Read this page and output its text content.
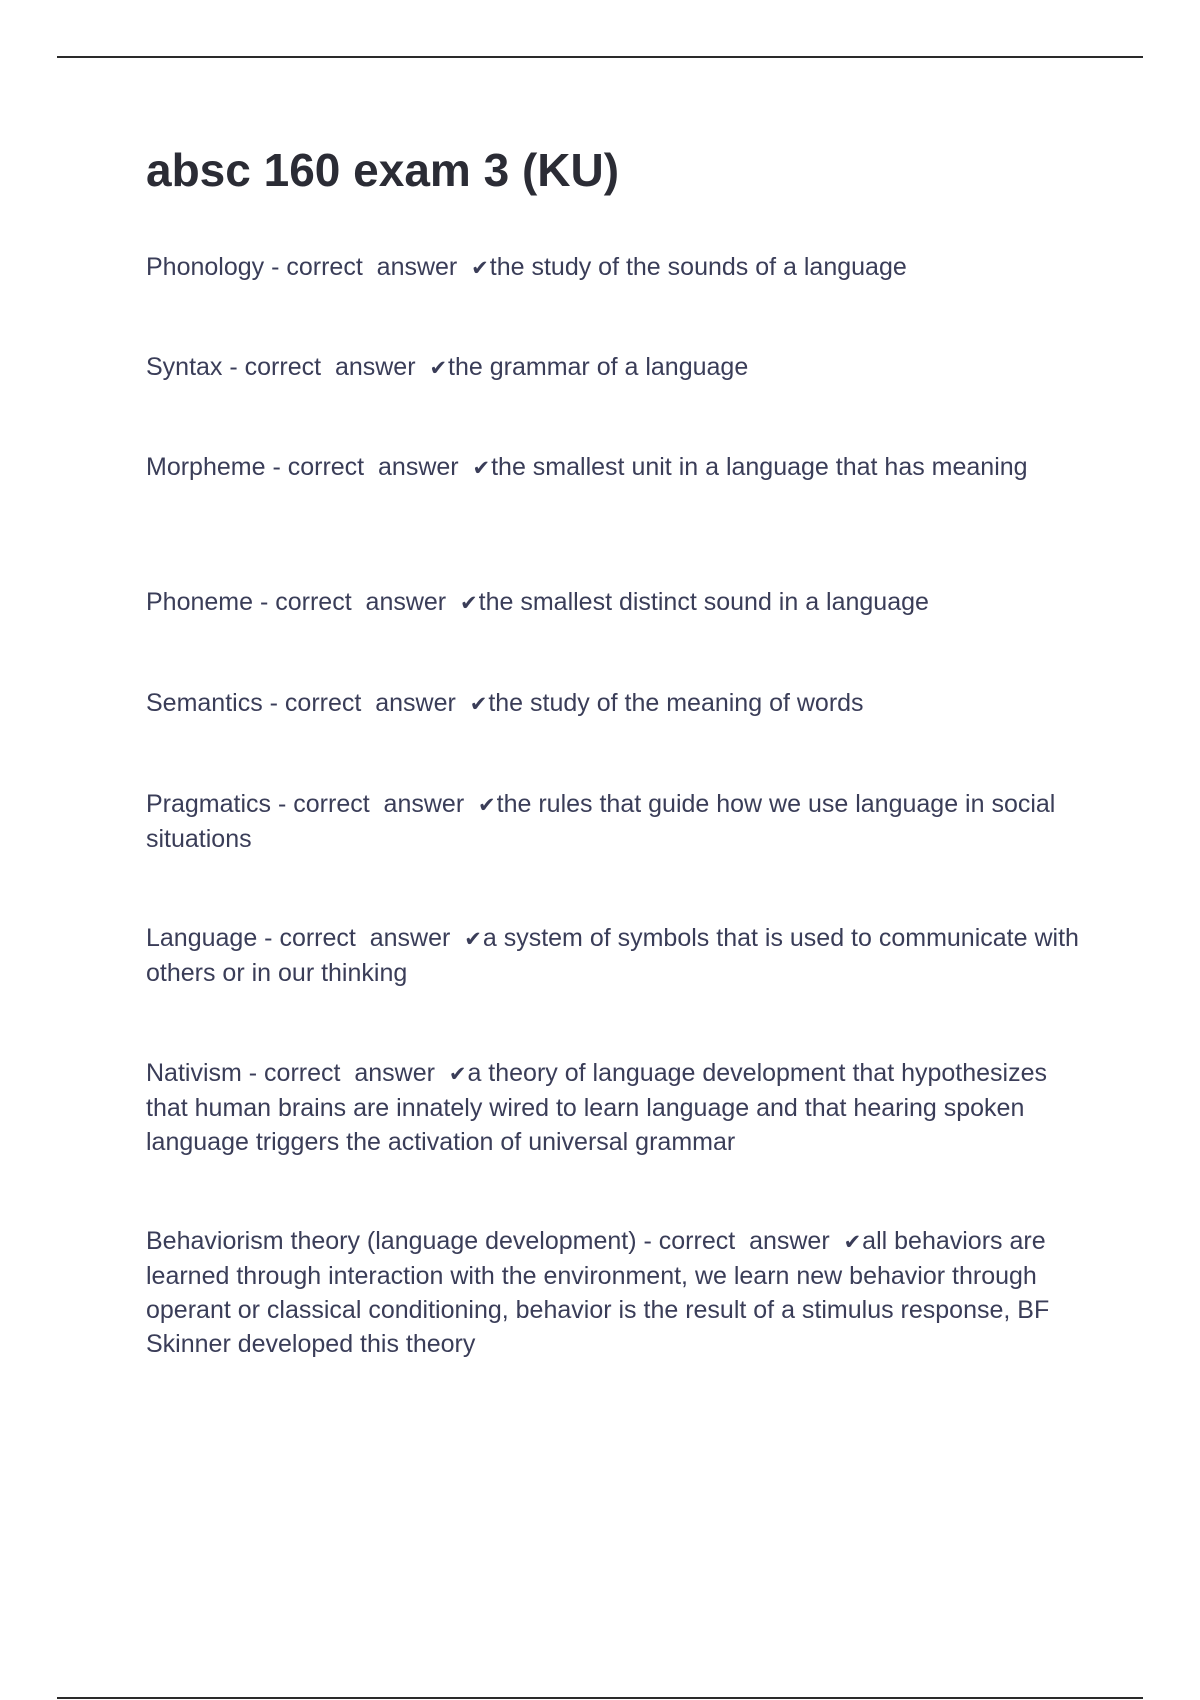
absc 160 exam 3 (KU)

Phonology - correct  answer  ✔the study of the sounds of a language

Syntax - correct  answer  ✔the grammar of a language

Morpheme - correct  answer  ✔the smallest unit in a language that has meaning

Phoneme - correct  answer  ✔the smallest distinct sound in a language

Semantics - correct  answer  ✔the study of the meaning of words

Pragmatics - correct  answer  ✔the rules that guide how we use language in social situations

Language - correct  answer  ✔a system of symbols that is used to communicate with others or in our thinking

Nativism - correct  answer  ✔a theory of language development that hypothesizes that human brains are innately wired to learn language and that hearing spoken language triggers the activation of universal grammar

Behaviorism theory (language development) - correct  answer  ✔all behaviors are learned through interaction with the environment, we learn new behavior through operant or classical conditioning, behavior is the result of a stimulus response, BF Skinner developed this theory
